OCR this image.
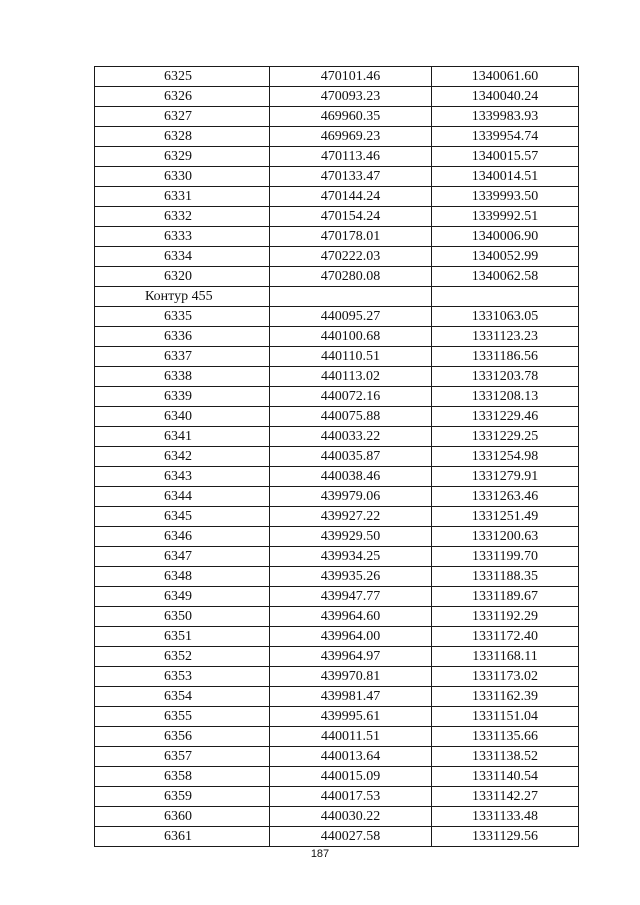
6325	470101.46	1340061.60
6326	470093.23	1340040.24
6327	469960.35	1339983.93
6328	469969.23	1339954.74
6329	470113.46	1340015.57
6330	470133.47	1340014.51
6331	470144.24	1339993.50
6332	470154.24	1339992.51
6333	470178.01	1340006.90
6334	470222.03	1340052.99
6320	470280.08	1340062.58
Контур 455		
6335	440095.27	1331063.05
6336	440100.68	1331123.23
6337	440110.51	1331186.56
6338	440113.02	1331203.78
6339	440072.16	1331208.13
6340	440075.88	1331229.46
6341	440033.22	1331229.25
6342	440035.87	1331254.98
6343	440038.46	1331279.91
6344	439979.06	1331263.46
6345	439927.22	1331251.49
6346	439929.50	1331200.63
6347	439934.25	1331199.70
6348	439935.26	1331188.35
6349	439947.77	1331189.67
6350	439964.60	1331192.29
6351	439964.00	1331172.40
6352	439964.97	1331168.11
6353	439970.81	1331173.02
6354	439981.47	1331162.39
6355	439995.61	1331151.04
6356	440011.51	1331135.66
6357	440013.64	1331138.52
6358	440015.09	1331140.54
6359	440017.53	1331142.27
6360	440030.22	1331133.48
6361	440027.58	1331129.56
187
